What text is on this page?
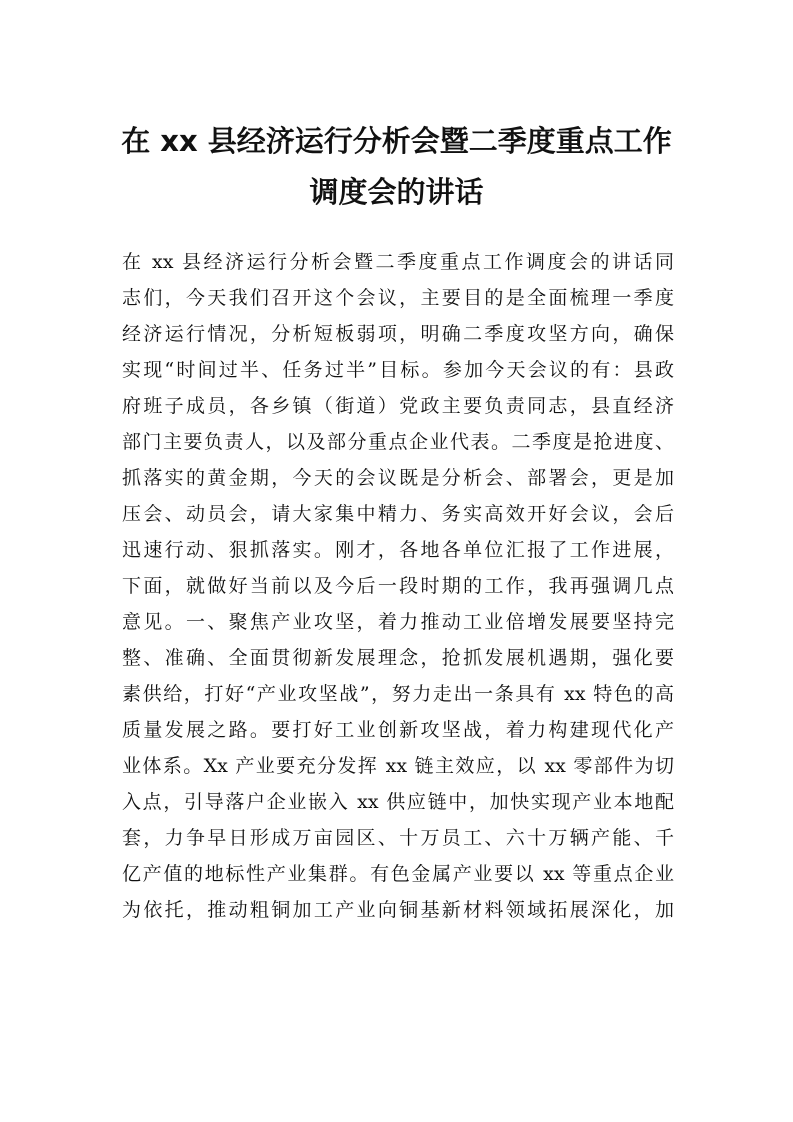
在 xx 县经济运行分析会暨二季度重点工作
调度会的讲话
在 xx 县经济运行分析会暨二季度重点工作调度会的讲话同
志们，今天我们召开这个会议，主要目的是全面梳理一季度
经济运行情况，分析短板弱项，明确二季度攻坚方向，确保
实现“时间过半、任务过半”目标。参加今天会议的有：县政
府班子成员，各乡镇（街道）党政主要负责同志，县直经济
部门主要负责人，以及部分重点企业代表。二季度是抢进度、
抓落实的黄金期，今天的会议既是分析会、部署会，更是加
压会、动员会，请大家集中精力、务实高效开好会议，会后
迅速行动、狠抓落实。刚才，各地各单位汇报了工作进展，
下面，就做好当前以及今后一段时期的工作，我再强调几点
意见。一、聚焦产业攻坚，着力推动工业倍增发展要坚持完
整、准确、全面贯彻新发展理念，抢抓发展机遇期，强化要
素供给，打好“产业攻坚战”，努力走出一条具有 xx 特色的高
质量发展之路。要打好工业创新攻坚战，着力构建现代化产
业体系。Xx 产业要充分发挥 xx 链主效应，以 xx 零部件为切
入点，引导落户企业嵌入 xx 供应链中，加快实现产业本地配
套，力争早日形成万亩园区、十万员工、六十万辆产能、千
亿产值的地标性产业集群。有色金属产业要以 xx 等重点企业
为依托，推动粗铜加工产业向铜基新材料领域拓展深化，加
